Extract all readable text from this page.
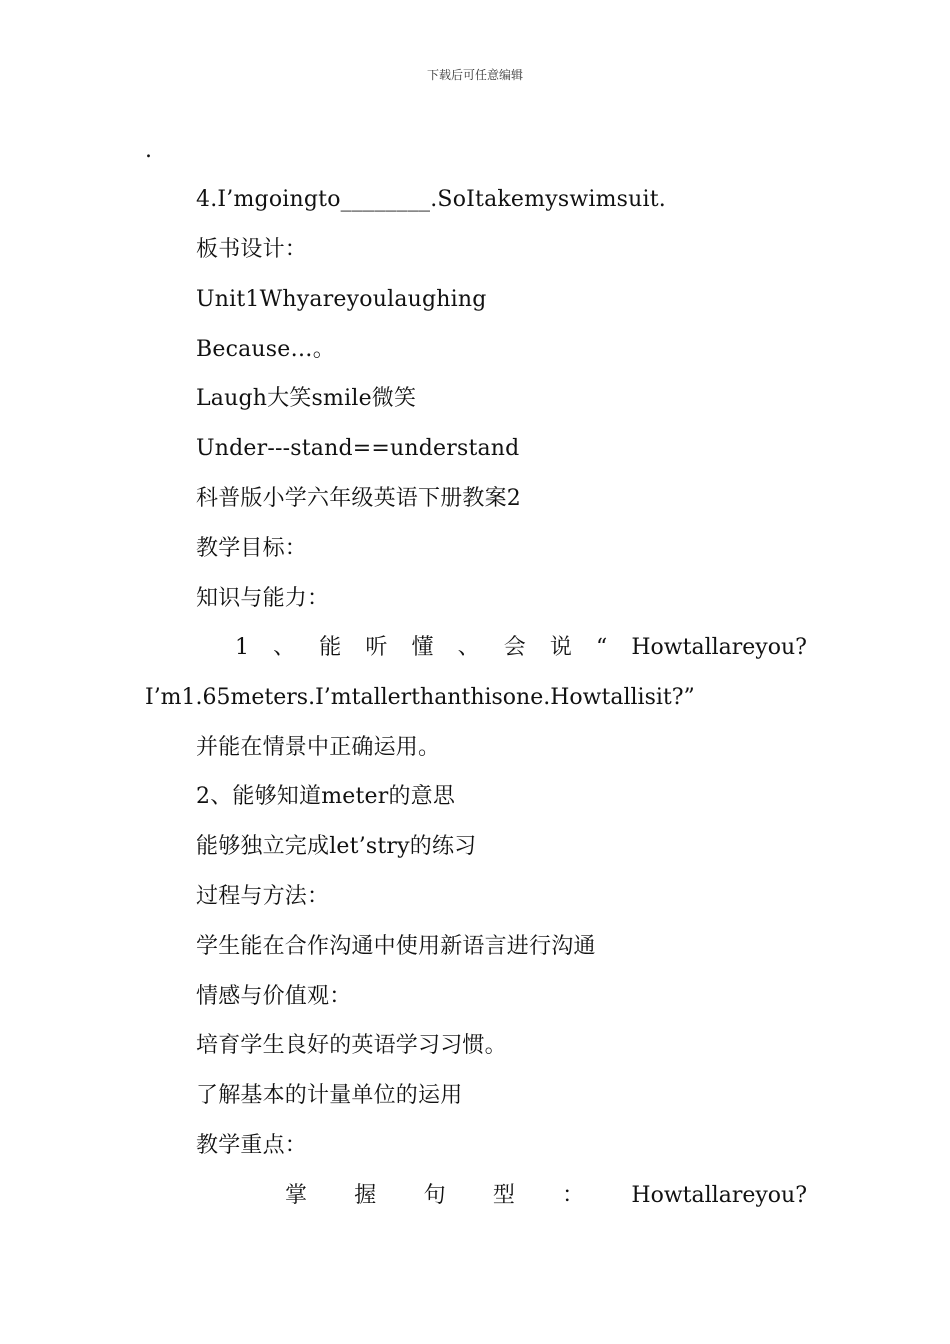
下载后可任意编辑
.
4.I’mgoingto________.SoItakemyswimsuit.
板书设计：
Unit1Whyareyoulaughing
Because…。
Laugh大笑smile微笑
Under---stand==understand
科普版小学六年级英语下册教案2
教学目标：
知识与能力：
1 、 能 听 懂 、 会 说 “ Howtallareyou?
I’m1.65meters.I’mtallerthanthisone.Howtallisit?”
并能在情景中正确运用。
2、能够知道meter的意思
能够独立完成let’stry的练习
过程与方法：
学生能在合作沟通中使用新语言进行沟通
情感与价值观：
培育学生良好的英语学习习惯。
了解基本的计量单位的运用
教学重点：
掌 握 句 型 ： Howtallareyou?
